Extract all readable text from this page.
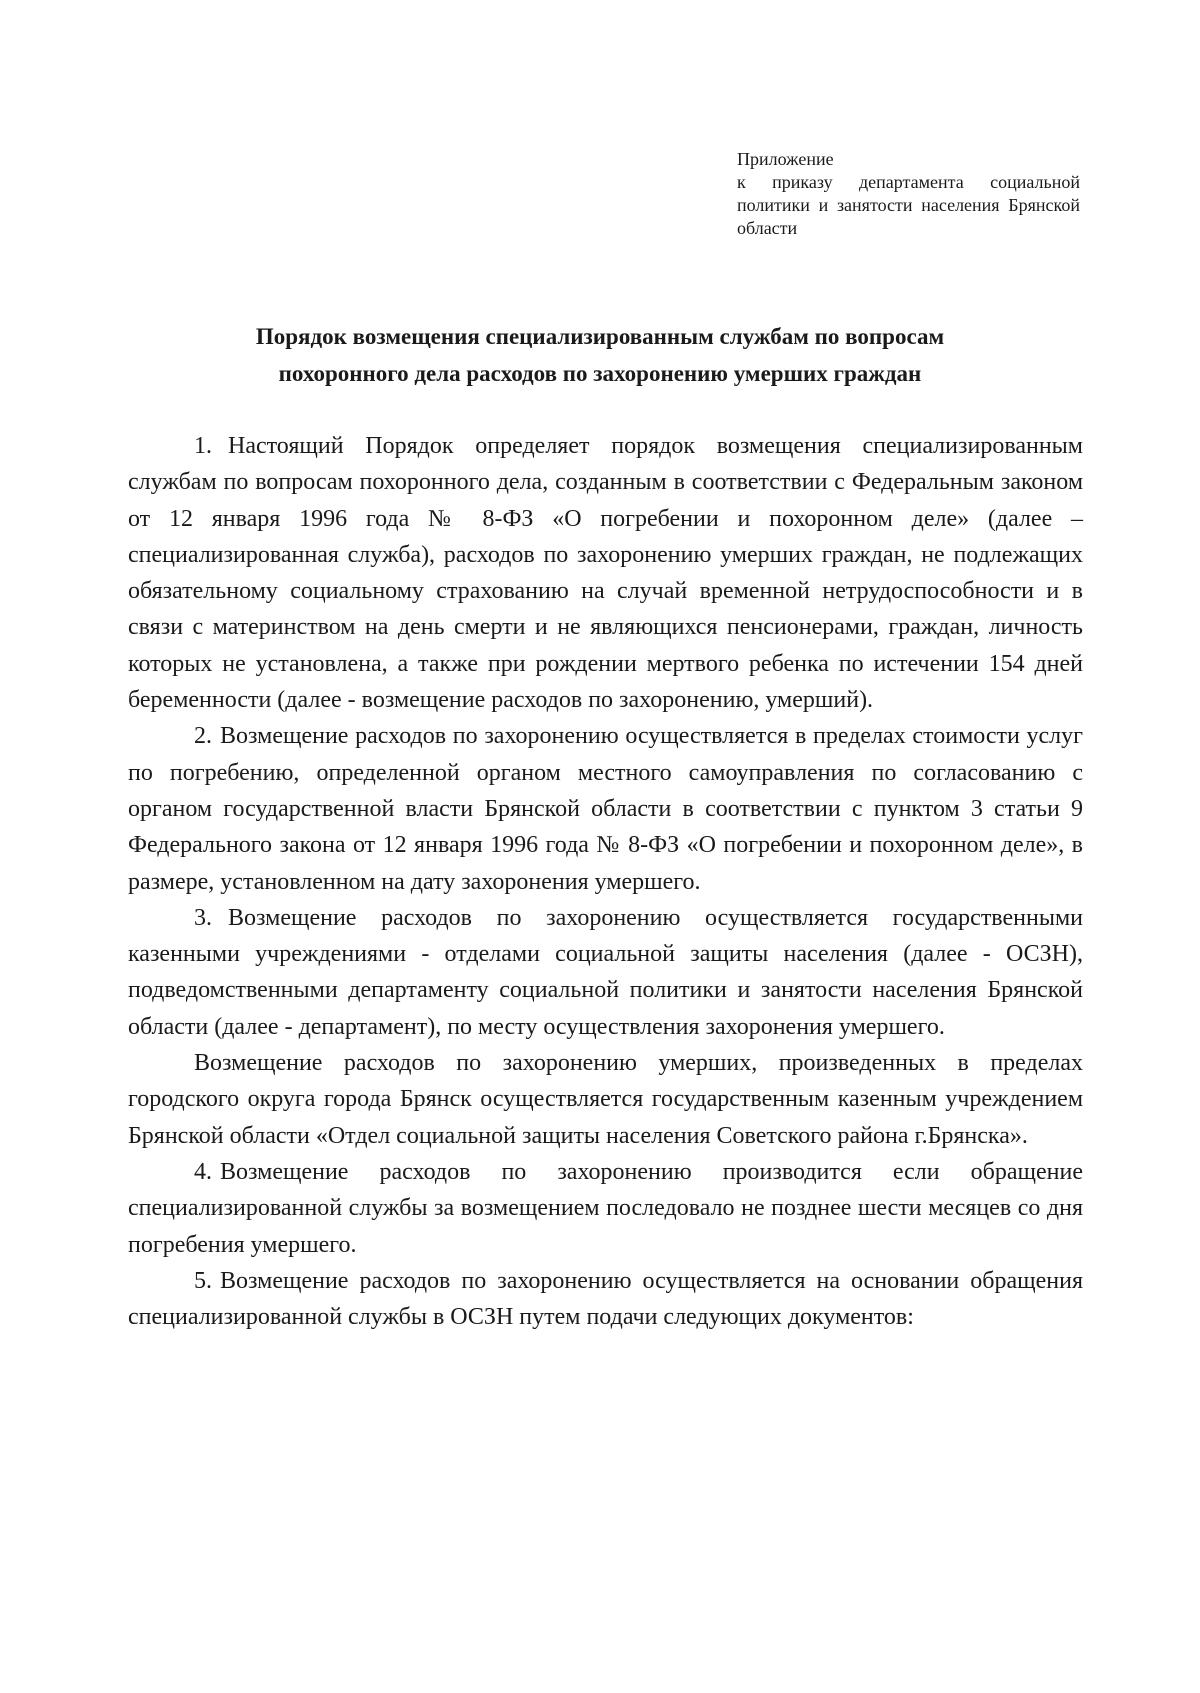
Приложение
к приказу департамента социальной политики и занятости населения Брянской области
Порядок возмещения специализированным службам по вопросам
похоронного дела расходов по захоронению умерших граждан

1. Настоящий Порядок определяет порядок возмещения специализированным службам по вопросам похоронного дела, созданным в соответствии с Федеральным законом от 12 января 1996 года № 8-ФЗ «О погребении и похоронном деле» (далее – специализированная служба), расходов по захоронению умерших граждан, не подлежащих обязательному социальному страхованию на случай временной нетрудоспособности и в связи с материнством на день смерти и не являющихся пенсионерами, граждан, личность которых не установлена, а также при рождении мертвого ребенка по истечении 154 дней беременности (далее - возмещение расходов по захоронению, умерший).

2. Возмещение расходов по захоронению осуществляется в пределах стоимости услуг по погребению, определенной органом местного самоуправления по согласованию с органом государственной власти Брянской области в соответствии с пунктом 3 статьи 9 Федерального закона от 12 января 1996 года № 8-ФЗ «О погребении и похоронном деле», в размере, установленном на дату захоронения умершего.

3. Возмещение расходов по захоронению осуществляется государственными казенными учреждениями - отделами социальной защиты населения (далее - ОСЗН), подведомственными департаменту социальной политики и занятости населения Брянской области (далее - департамент), по месту осуществления захоронения умершего.

Возмещение расходов по захоронению умерших, произведенных в пределах городского округа города Брянск осуществляется государственным казенным учреждением Брянской области «Отдел социальной защиты населения Советского района г.Брянска».

4. Возмещение расходов по захоронению производится если обращение специализированной службы за возмещением последовало не позднее шести месяцев со дня погребения умершего.

5. Возмещение расходов по захоронению осуществляется на основании обращения специализированной службы в ОСЗН путем подачи следующих документов:
